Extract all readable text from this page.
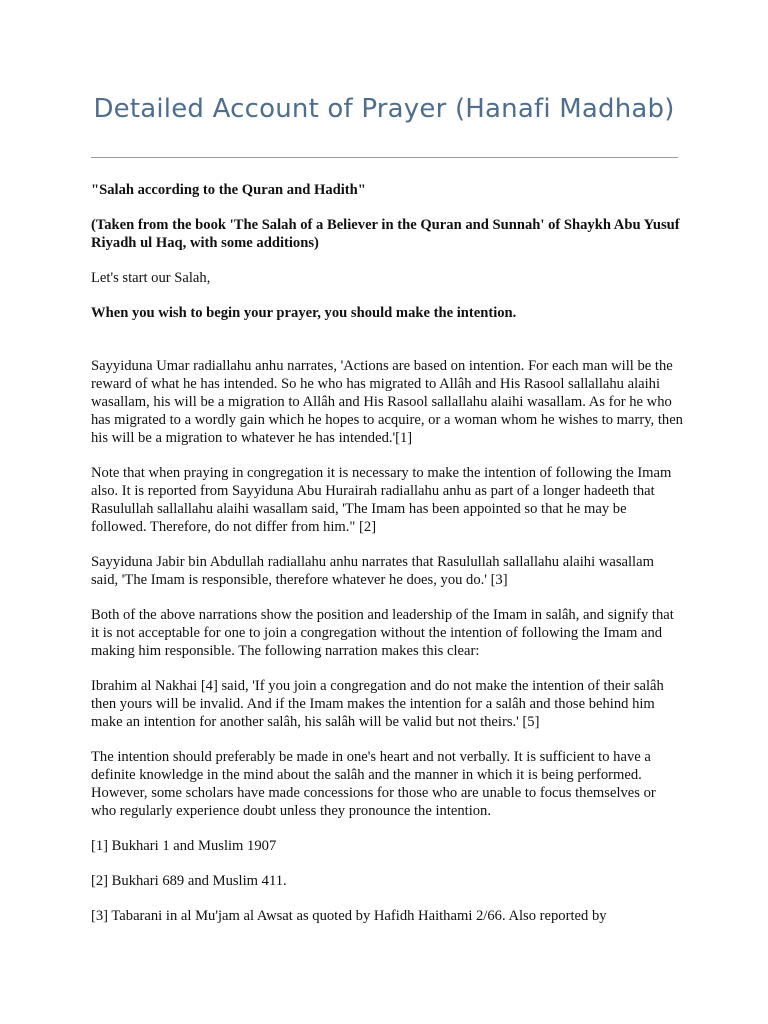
Detailed Account of Prayer (Hanafi Madhab)

"Salah according to the Quran and Hadith"

(Taken from the book 'The Salah of a Believer in the Quran and Sunnah' of Shaykh Abu Yusuf Riyadh ul Haq, with some additions)

Let's start our Salah,

When you wish to begin your prayer, you should make the intention.

Sayyiduna Umar radiallahu anhu narrates, 'Actions are based on intention. For each man will be the reward of what he has intended. So he who has migrated to Allâh and His Rasool sallallahu alaihi wasallam, his will be a migration to Allâh and His Rasool sallallahu alaihi wasallam. As for he who has migrated to a wordly gain which he hopes to acquire, or a woman whom he wishes to marry, then his will be a migration to whatever he has intended.'[1]

Note that when praying in congregation it is necessary to make the intention of following the Imam also. It is reported from Sayyiduna Abu Hurairah radiallahu anhu as part of a longer hadeeth that Rasulullah sallallahu alaihi wasallam said, 'The Imam has been appointed so that he may be followed. Therefore, do not differ from him." [2]

Sayyiduna Jabir bin Abdullah radiallahu anhu narrates that Rasulullah sallallahu alaihi wasallam said, 'The Imam is responsible, therefore whatever he does, you do.' [3]

Both of the above narrations show the position and leadership of the Imam in salâh, and signify that it is not acceptable for one to join a congregation without the intention of following the Imam and making him responsible. The following narration makes this clear:

Ibrahim al Nakhai [4] said, 'If you join a congregation and do not make the intention of their salâh then yours will be invalid. And if the Imam makes the intention for a salâh and those behind him make an intention for another salâh, his salâh will be valid but not theirs.' [5]

The intention should preferably be made in one's heart and not verbally. It is sufficient to have a definite knowledge in the mind about the salâh and the manner in which it is being performed. However, some scholars have made concessions for those who are unable to focus themselves or who regularly experience doubt unless they pronounce the intention.

[1] Bukhari 1 and Muslim 1907

[2] Bukhari 689 and Muslim 411.

[3] Tabarani in al Mu'jam al Awsat as quoted by Hafidh Haithami 2/66. Also reported by
